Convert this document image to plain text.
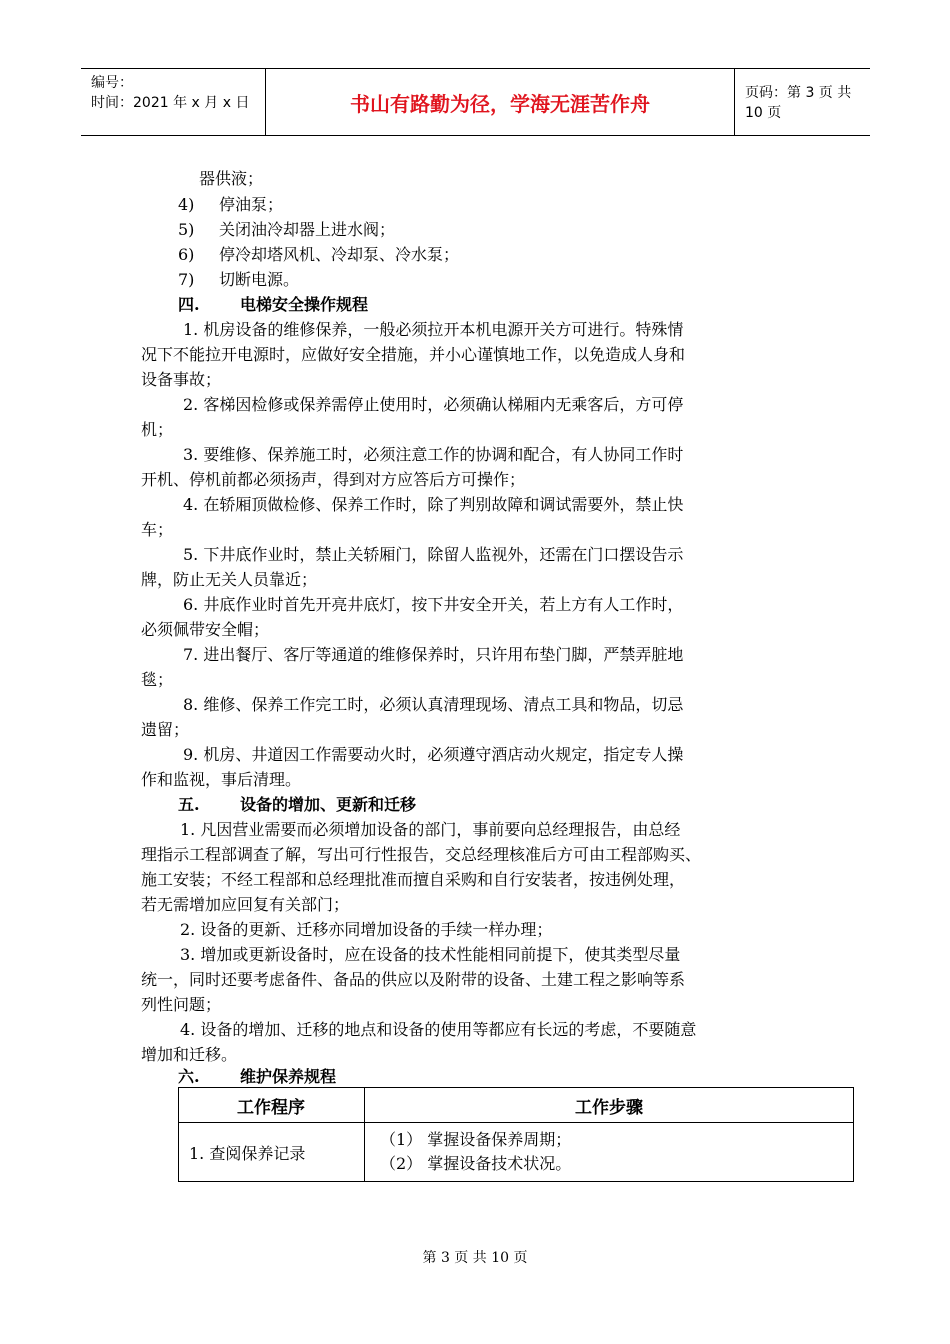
编号：
时间：2021 年 x 月 x 日	书山有路勤为径，学海无涯苦作舟	页码：第 3 页 共 10 页
器供液；
4) 停油泵；
5) 关闭油冷却器上进水阀；
6) 停冷却塔风机、冷却泵、冷水泵；
7) 切断电源。
四.	电梯安全操作规程
1. 机房设备的维修保养，一般必须拉开本机电源开关方可进行。特殊情
况下不能拉开电源时，应做好安全措施，并小心谨慎地工作，以免造成人身和
设备事故；
2. 客梯因检修或保养需停止使用时，必须确认梯厢内无乘客后，方可停
机；
3. 要维修、保养施工时，必须注意工作的协调和配合，有人协同工作时
开机、停机前都必须扬声，得到对方应答后方可操作；
4. 在轿厢顶做检修、保养工作时，除了判别故障和调试需要外，禁止快
车；
5. 下井底作业时，禁止关轿厢门，除留人监视外，还需在门口摆设告示
牌，防止无关人员靠近；
6. 井底作业时首先开亮井底灯，按下井安全开关，若上方有人工作时，
必须佩带安全帽；
7. 进出餐厅、客厅等通道的维修保养时，只许用布垫门脚，严禁弄脏地
毯；
8. 维修、保养工作完工时，必须认真清理现场、清点工具和物品，切忌
遗留；
9. 机房、井道因工作需要动火时，必须遵守酒店动火规定，指定专人操
作和监视，事后清理。
五.	设备的增加、更新和迁移
1. 凡因营业需要而必须增加设备的部门，事前要向总经理报告，由总经
理指示工程部调查了解，写出可行性报告，交总经理核准后方可由工程部购买、
施工安装；不经工程部和总经理批准而擅自采购和自行安装者，按违例处理，
若无需增加应回复有关部门；
2. 设备的更新、迁移亦同增加设备的手续一样办理；
3. 增加或更新设备时，应在设备的技术性能相同前提下，使其类型尽量
统一，同时还要考虑备件、备品的供应以及附带的设备、土建工程之影响等系
列性问题；
4. 设备的增加、迁移的地点和设备的使用等都应有长远的考虑，不要随意
增加和迁移。
六.	维护保养规程
工作程序	工作步骤
1. 查阅保养记录	（1） 掌握设备保养周期；
（2） 掌握设备技术状况。
第 3 页 共 10 页
